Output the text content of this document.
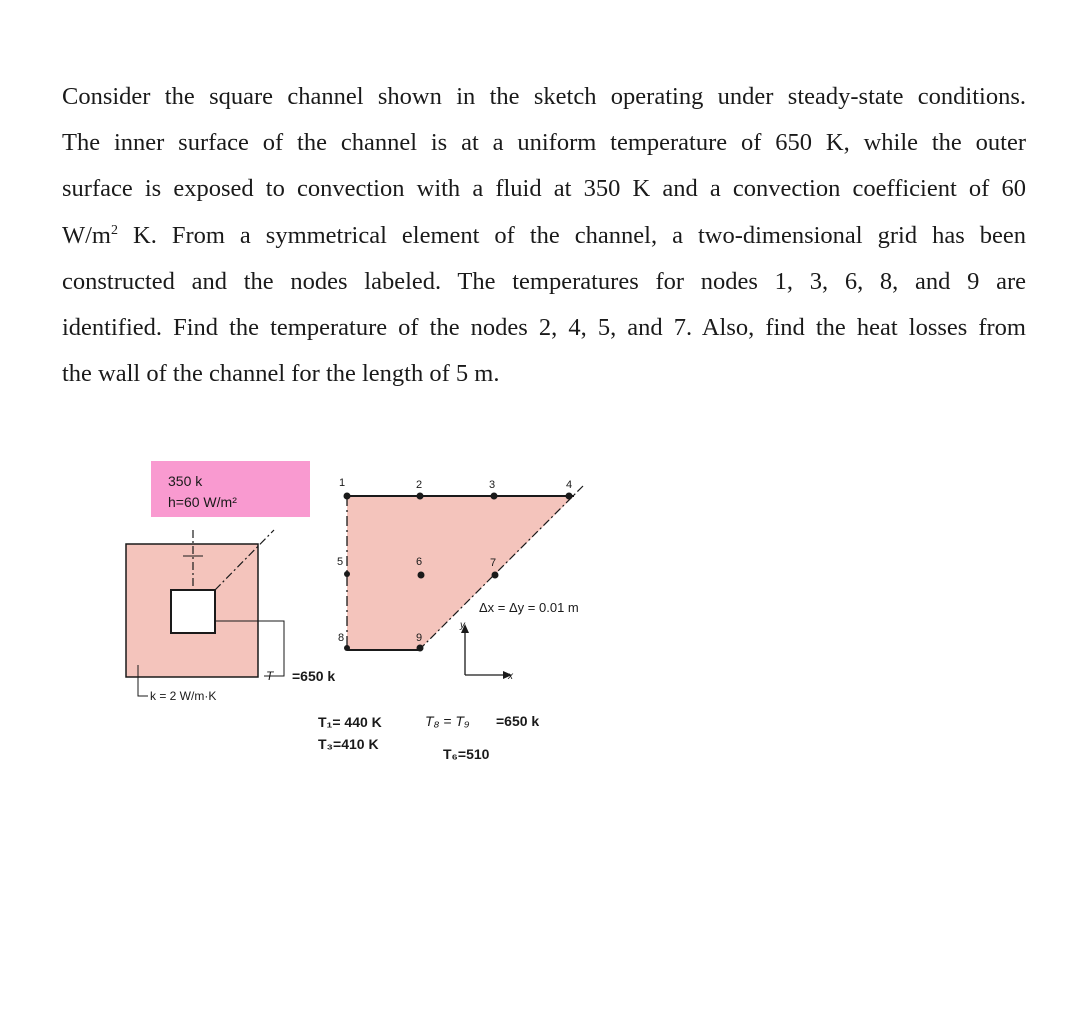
Consider the square channel shown in the sketch operating under steady-state conditions.
The inner surface of the channel is at a uniform temperature of 650 K, while the outer
surface is exposed to convection with a fluid at 350 K and a convection coefficient of 60
$W/m^2$ K. From a symmetrical element of the channel, a two-dimensional grid has been
constructed and the nodes labeled. The temperatures for nodes 1, 3, 6, 8, and 9 are
identified. Find the temperature of the nodes 2, 4, 5, and 7. Also, find the heat losses from
the wall of the channel for the length of 5 m.
350 k
h=60 W/m²
k = 2 W/m·K
T =650 k
1	2	3	4
5	6	7
8	9
Δx = Δy = 0.01 m
y
x
T₁= 440 K
T₃=410 K
T₈ = T₉ =650 k
T₆=510
